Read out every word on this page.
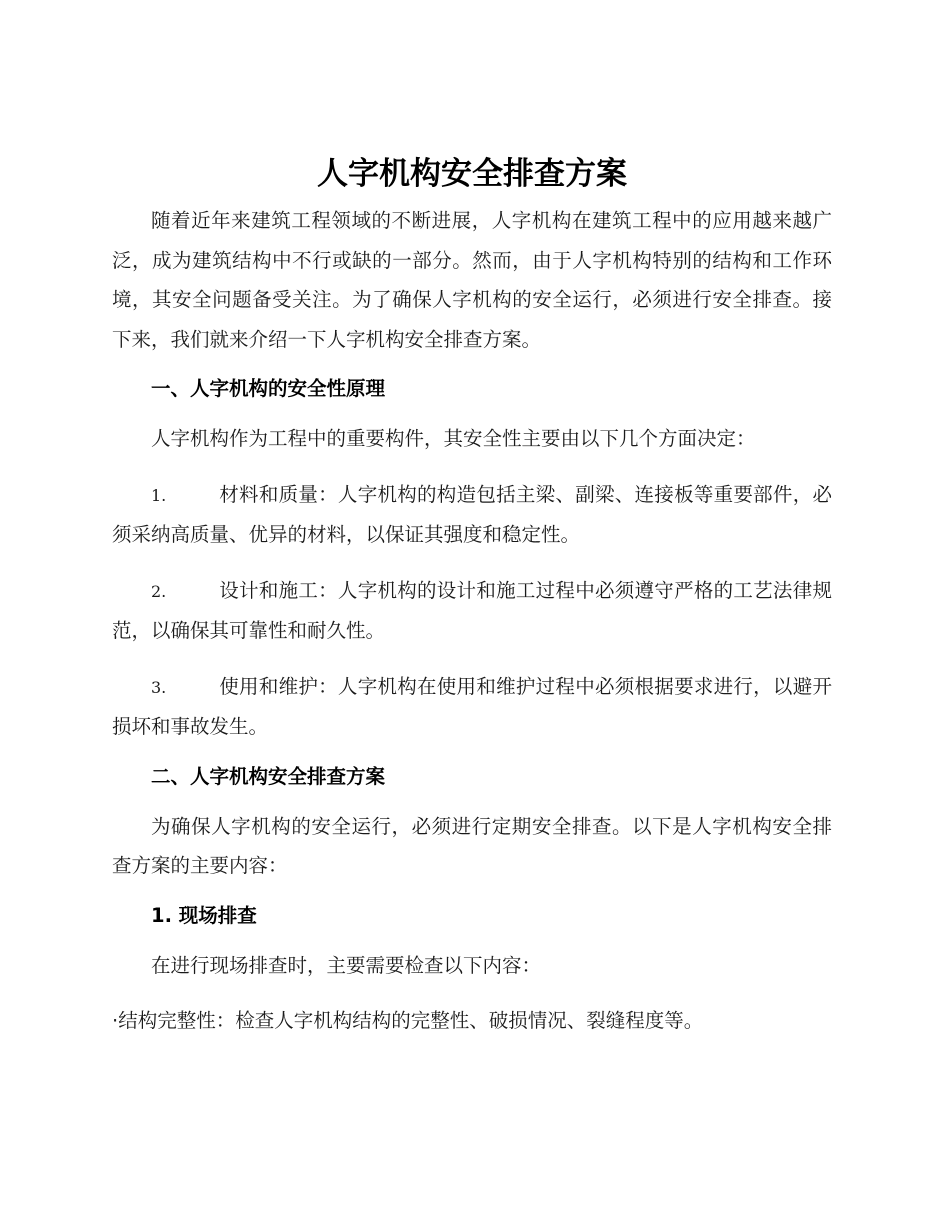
人字机构安全排查方案

随着近年来建筑工程领域的不断进展，人字机构在建筑工程中的应用越来越广泛，成为建筑结构中不行或缺的一部分。然而，由于人字机构特别的结构和工作环境，其安全问题备受关注。为了确保人字机构的安全运行，必须进行安全排查。接下来，我们就来介绍一下人字机构安全排查方案。

一、人字机构的安全性原理

人字机构作为工程中的重要构件，其安全性主要由以下几个方面决定：

1.	材料和质量：人字机构的构造包括主梁、副梁、连接板等重要部件，必须采纳高质量、优异的材料，以保证其强度和稳定性。

2.	设计和施工：人字机构的设计和施工过程中必须遵守严格的工艺法律规范，以确保其可靠性和耐久性。

3.	使用和维护：人字机构在使用和维护过程中必须根据要求进行，以避开损坏和事故发生。

二、人字机构安全排查方案

为确保人字机构的安全运行，必须进行定期安全排查。以下是人字机构安全排查方案的主要内容：

1. 现场排查

在进行现场排查时，主要需要检查以下内容：

·结构完整性：检查人字机构结构的完整性、破损情况、裂缝程度等。
